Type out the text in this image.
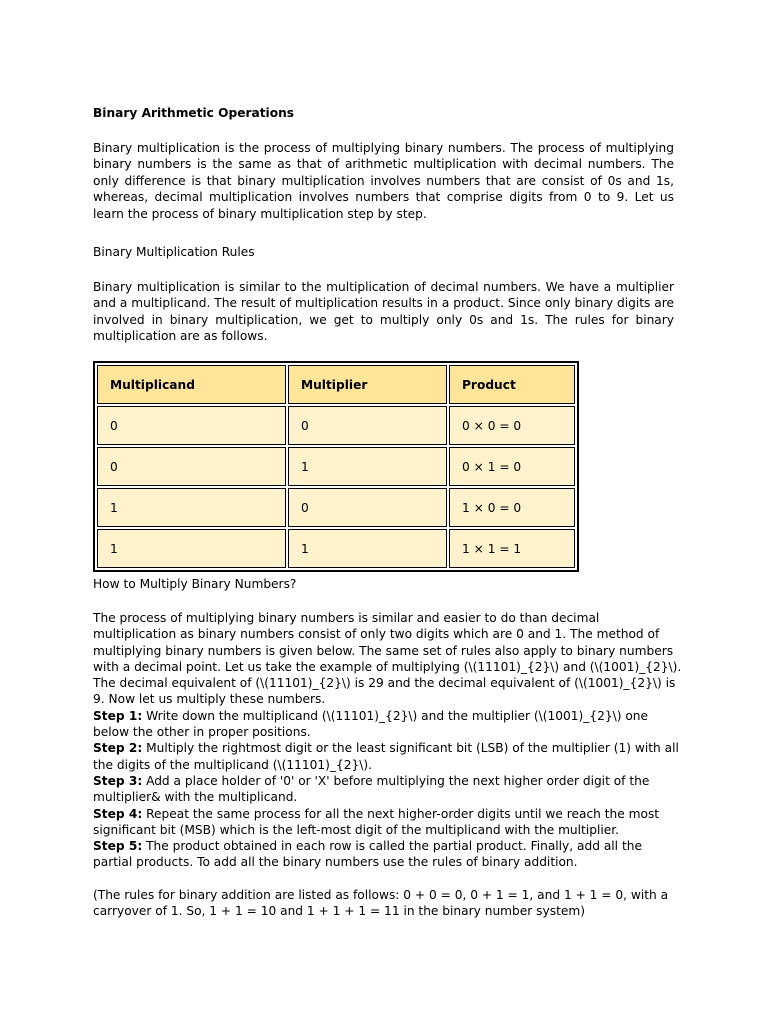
Binary Arithmetic Operations

Binary multiplication is the process of multiplying binary numbers. The process of multiplying binary numbers is the same as that of arithmetic multiplication with decimal numbers. The only difference is that binary multiplication involves numbers that are consist of 0s and 1s, whereas, decimal multiplication involves numbers that comprise digits from 0 to 9. Let us learn the process of binary multiplication step by step.

Binary Multiplication Rules

Binary multiplication is similar to the multiplication of decimal numbers. We have a multiplier and a multiplicand. The result of multiplication results in a product. Since only binary digits are involved in binary multiplication, we get to multiply only 0s and 1s. The rules for binary multiplication are as follows.

Multiplicand	Multiplier	Product
0	0	0 × 0 = 0
0	1	0 × 1 = 0
1	0	1 × 0 = 0
1	1	1 × 1 = 1
How to Multiply Binary Numbers?

The process of multiplying binary numbers is similar and easier to do than decimal multiplication as binary numbers consist of only two digits which are 0 and 1. The method of multiplying binary numbers is given below. The same set of rules also apply to binary numbers with a decimal point. Let us take the example of multiplying (\(11101)_{2}\) and (\(1001)_{2}\). The decimal equivalent of (\(11101)_{2}\) is 29 and the decimal equivalent of (\(1001)_{2}\) is 9. Now let us multiply these numbers.

Step 1: Write down the multiplicand (\(11101)_{2}\) and the multiplier (\(1001)_{2}\) one below the other in proper positions.

Step 2: Multiply the rightmost digit or the least significant bit (LSB) of the multiplier (1) with all the digits of the multiplicand (\(11101)_{2}\).

Step 3: Add a place holder of '0' or 'X' before multiplying the next higher order digit of the multiplier& with the multiplicand.

Step 4: Repeat the same process for all the next higher-order digits until we reach the most significant bit (MSB) which is the left-most digit of the multiplicand with the multiplier.

Step 5: The product obtained in each row is called the partial product. Finally, add all the partial products. To add all the binary numbers use the rules of binary addition.

(The rules for binary addition are listed as follows: 0 + 0 = 0, 0 + 1 = 1, and 1 + 1 = 0, with a carryover of 1. So, 1 + 1 = 10 and 1 + 1 + 1 = 11 in the binary number system)
